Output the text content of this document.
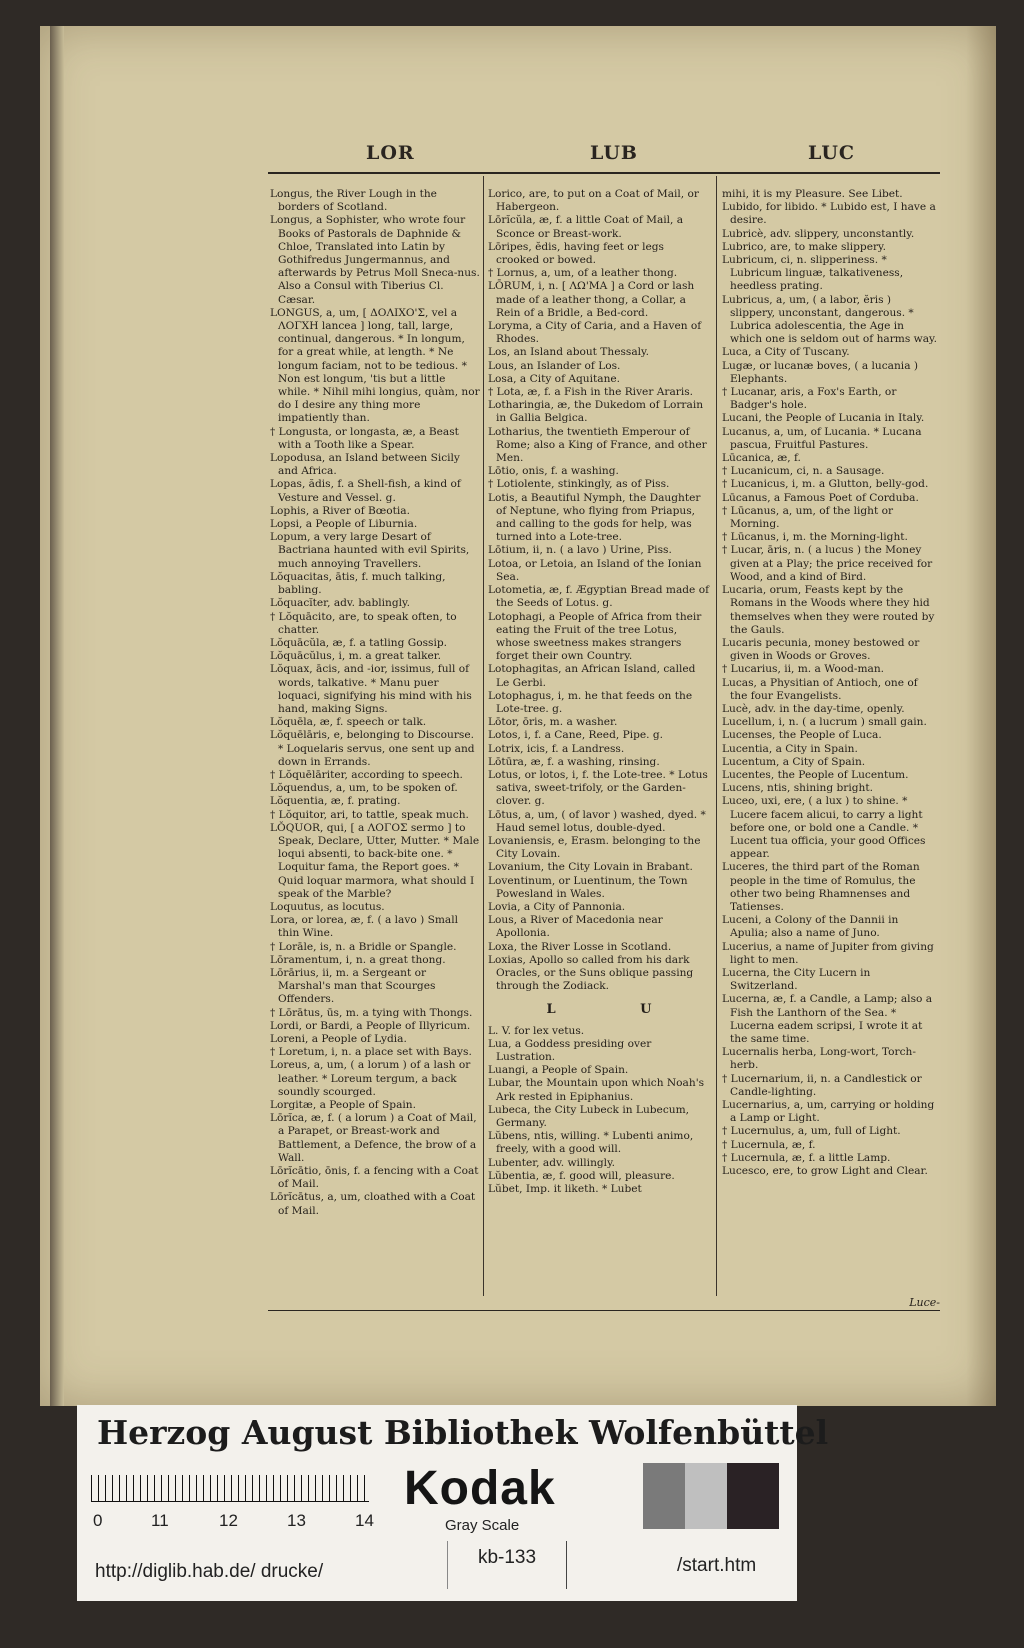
LOR	LUB	LUC

Longus, the River Lough in the borders of Scotland.

Longus, a Sophister, who wrote four Books of Pastorals de Daphnide & Chloe, Translated into Latin by Gothifredus Jungermannus, and afterwards by Petrus Moll Sneca-nus. Also a Consul with Tiberius Cl. Cæsar.

LONGUS, a, um, [ ΔΟΛΙΧΟ'Σ, vel a ΛΟΓΧΗ lancea ] long, tall, large, continual, dangerous. * In longum, for a great while, at length. * Ne longum faciam, not to be tedious. * Non est longum, 'tis but a little while. * Nihil mihi longius, quàm, nor do I desire any thing more impatiently than.

† Longusta, or longasta, æ, a Beast with a Tooth like a Spear.

Lopodusa, an Island between Sicily and Africa.

Lopas, ădis, f. a Shell-fish, a kind of Vesture and Vessel. g.

Lophis, a River of Bœotia.

Lopsi, a People of Liburnia.

Lopum, a very large Desart of Bactriana haunted with evil Spirits, much annoying Travellers.

Lŏquacitas, ātis, f. much talking, babling.

Lŏquacĭter, adv. bablingly.

† Lŏquācito, are, to speak often, to chatter.

Lŏquācŭla, æ, f. a tatling Gossip.

Lŏquācŭlus, i, m. a great talker.

Lŏquax, ācis, and -ior, issimus, full of words, talkative. * Manu puer loquaci, signifying his mind with his hand, making Signs.

Lŏquēla, æ, f. speech or talk.

Lŏquēlāris, e, belonging to Discourse. * Loquelaris servus, one sent up and down in Errands.

† Lŏquēlāriter, according to speech.

Lŏquendus, a, um, to be spoken of.

Lŏquentia, æ, f. prating.

† Lŏquitor, ari, to tattle, speak much.

LŎQUOR, qui, [ a ΛΟΓΟΣ sermo ] to Speak, Declare, Utter, Mutter. * Male loqui absenti, to back-bite one. * Loquitur fama, the Report goes. * Quid loquar marmora, what should I speak of the Marble?

Loquutus, as locutus.

Lora, or lorea, æ, f. ( a lavo ) Small thin Wine.

† Lorāle, is, n. a Bridle or Spangle.

Lōramentum, i, n. a great thong.

Lōrārius, ii, m. a Sergeant or Marshal's man that Scourges Offenders.

† Lōrātus, ūs, m. a tying with Thongs.

Lordi, or Bardi, a People of Illyricum.

Loreni, a People of Lydia.

† Loretum, i, n. a place set with Bays.

Loreus, a, um, ( a lorum ) of a lash or leather. * Loreum tergum, a back soundly scourged.

Lorgitæ, a People of Spain.

Lōrĭca, æ, f. ( a lorum ) a Coat of Mail, a Parapet, or Breast-work and Battlement, a Defence, the brow of a Wall.

Lōrĭcātio, ōnis, f. a fencing with a Coat of Mail.

Lōrĭcātus, a, um, cloathed with a Coat of Mail.

Lorico, are, to put on a Coat of Mail, or Habergeon.

Lōrĭcŭla, æ, f. a little Coat of Mail, a Sconce or Breast-work.

Lōripes, ĕdis, having feet or legs crooked or bowed.

† Lornus, a, um, of a leather thong.

LŌRUM, i, n. [ ΛΩ'ΜΑ ] a Cord or lash made of a leather thong, a Collar, a Rein of a Bridle, a Bed-cord.

Loryma, a City of Caria, and a Haven of Rhodes.

Los, an Island about Thessaly.

Lous, an Islander of Los.

Losa, a City of Aquitane.

† Lota, æ, f. a Fish in the River Araris.

Lotharingia, æ, the Dukedom of Lorrain in Gallia Belgica.

Lotharius, the twentieth Emperour of Rome; also a King of France, and other Men.

Lōtio, onis, f. a washing.

† Lotiolente, stinkingly, as of Piss.

Lotis, a Beautiful Nymph, the Daughter of Neptune, who flying from Priapus, and calling to the gods for help, was turned into a Lote-tree.

Lōtium, ii, n. ( a lavo ) Urine, Piss.

Lotoa, or Letoia, an Island of the Ionian Sea.

Lotometia, æ, f. Ægyptian Bread made of the Seeds of Lotus. g.

Lotophagi, a People of Africa from their eating the Fruit of the tree Lotus, whose sweetness makes strangers forget their own Country.

Lotophagitas, an African Island, called Le Gerbi.

Lotophagus, i, m. he that feeds on the Lote-tree. g.

Lōtor, ōris, m. a washer.

Lotos, i, f. a Cane, Reed, Pipe. g.

Lotrix, icis, f. a Landress.

Lōtūra, æ, f. a washing, rinsing.

Lotus, or lotos, i, f. the Lote-tree. * Lotus sativa, sweet-trifoly, or the Garden-clover. g.

Lōtus, a, um, ( of lavor ) washed, dyed. * Haud semel lotus, double-dyed.

Lovaniensis, e, Erasm. belonging to the City Lovain.

Lovanium, the City Lovain in Brabant.

Loventinum, or Luentinum, the Town Powesland in Wales.

Lovia, a City of Pannonia.

Lous, a River of Macedonia near Apollonia.

Loxa, the River Losse in Scotland.

Loxias, Apollo so called from his dark Oracles, or the Suns oblique passing through the Zodiack.

L U

L. V. for lex vetus.

Lua, a Goddess presiding over Lustration.

Luangi, a People of Spain.

Lubar, the Mountain upon which Noah's Ark rested in Epiphanius.

Lubeca, the City Lubeck in Lubecum, Germany.

Lŭbens, ntis, willing. * Lubenti animo, freely, with a good will.

Lubenter, adv. willingly.

Lŭbentia, æ, f. good will, pleasure.

Lŭbet, Imp. it liketh. * Lubet

mihi, it is my Pleasure. See Libet.

Lubido, for libido. * Lubido est, I have a desire.

Lubricè, adv. slippery, unconstantly.

Lubrico, are, to make slippery.

Lubricum, ci, n. slipperiness. * Lubricum linguæ, talkativeness, heedless prating.

Lubricus, a, um, ( a labor, ĕris ) slippery, unconstant, dangerous. * Lubrica adolescentia, the Age in which one is seldom out of harms way.

Luca, a City of Tuscany.

Lugæ, or lucanæ boves, ( a lucania ) Elephants.

† Lucanar, aris, a Fox's Earth, or Badger's hole.

Lucani, the People of Lucania in Italy.

Lucanus, a, um, of Lucania. * Lucana pascua, Fruitful Pastures.

Lūcanica, æ, f.

† Lucanicum, ci, n. a Sausage.

† Lucanicus, i, m. a Glutton, belly-god.

Lūcanus, a Famous Poet of Corduba.

† Lūcanus, a, um, of the light or Morning.

† Lūcanus, i, m. the Morning-light.

† Lucar, āris, n. ( a lucus ) the Money given at a Play; the price received for Wood, and a kind of Bird.

Lucaria, orum, Feasts kept by the Romans in the Woods where they hid themselves when they were routed by the Gauls.

Lucaris pecunia, money bestowed or given in Woods or Groves.

† Lucarius, ii, m. a Wood-man.

Lucas, a Physitian of Antioch, one of the four Evangelists.

Lucè, adv. in the day-time, openly.

Lucellum, i, n. ( a lucrum ) small gain.

Lucenses, the People of Luca.

Lucentia, a City in Spain.

Lucentum, a City of Spain.

Lucentes, the People of Lucentum.

Lucens, ntis, shining bright.

Luceo, uxi, ere, ( a lux ) to shine. * Lucere facem alicui, to carry a light before one, or bold one a Candle. * Lucent tua officia, your good Offices appear.

Luceres, the third part of the Roman people in the time of Romulus, the other two being Rhamnenses and Tatienses.

Luceni, a Colony of the Dannii in Apulia; also a name of Juno.

Lucerius, a name of Jupiter from giving light to men.

Lucerna, the City Lucern in Switzerland.

Lucerna, æ, f. a Candle, a Lamp; also a Fish the Lanthorn of the Sea. * Lucerna eadem scripsi, I wrote it at the same time.

Lucernalis herba, Long-wort, Torch-herb.

† Lucernarium, ii, n. a Candlestick or Candle-lighting.

Lucernarius, a, um, carrying or holding a Lamp or Light.

† Lucernulus, a, um, full of Light.

† Lucernula, æ, f.

† Lucernula, æ, f. a little Lamp.

Lucesco, ere, to grow Light and Clear.

Luce-
Herzog August Bibliothek Wolfenbüttel
0	11	12	13	14
Kodak
Gray Scale
kb-133
http://diglib.hab.de/ drucke/	/start.htm
